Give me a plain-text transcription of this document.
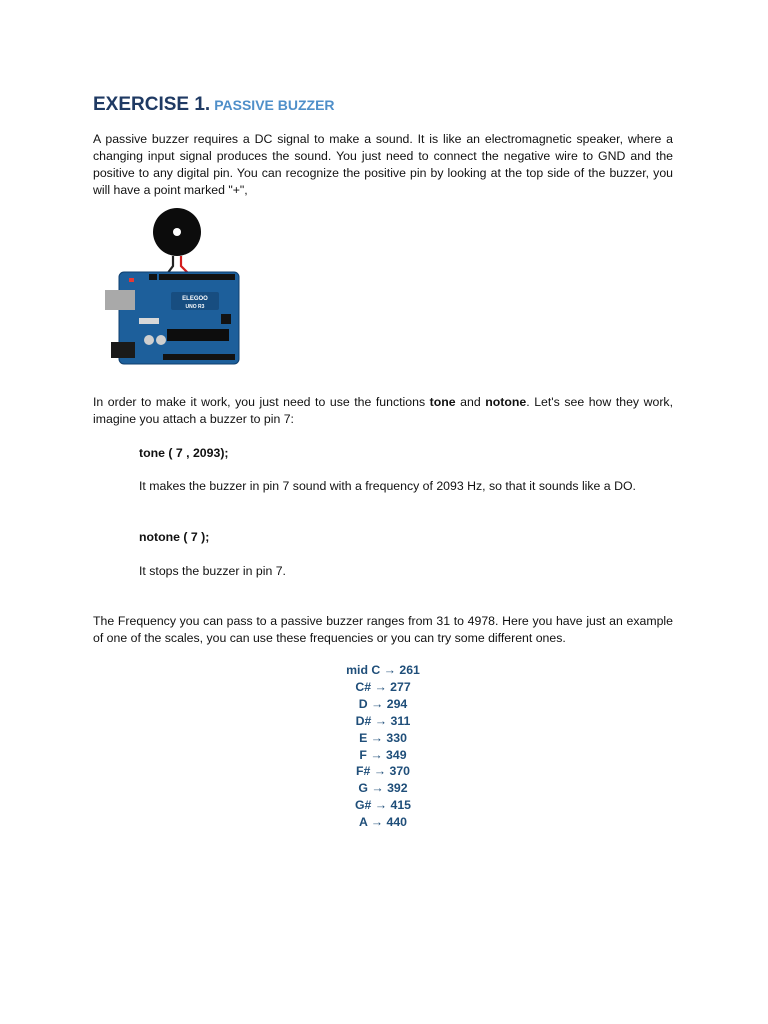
EXERCISE 1. PASSIVE BUZZER

A passive buzzer requires a DC signal to make a sound. It is like an electromagnetic speaker, where a changing input signal produces the sound. You just need to connect the negative wire to GND and the positive to any digital pin. You can recognize the positive pin by looking at the top side of the buzzer, you will have a point marked "+",

ELEGOO
UNO R3

In order to make it work, you just need to use the functions tone and notone. Let's see how they work, imagine you attach a buzzer to pin 7:

tone ( 7 , 2093);

It makes the buzzer in pin 7 sound with a frequency of 2093 Hz, so that it sounds like a DO.

notone ( 7 );

It stops the buzzer in pin 7.

The Frequency you can pass to a passive buzzer ranges from 31 to 4978. Here you have just an example of one of the scales, you can use these frequencies or you can try some different ones.

mid C → 261
C# → 277
D → 294
D# → 311
E → 330
F → 349
F# → 370
G → 392
G# → 415
A → 440
